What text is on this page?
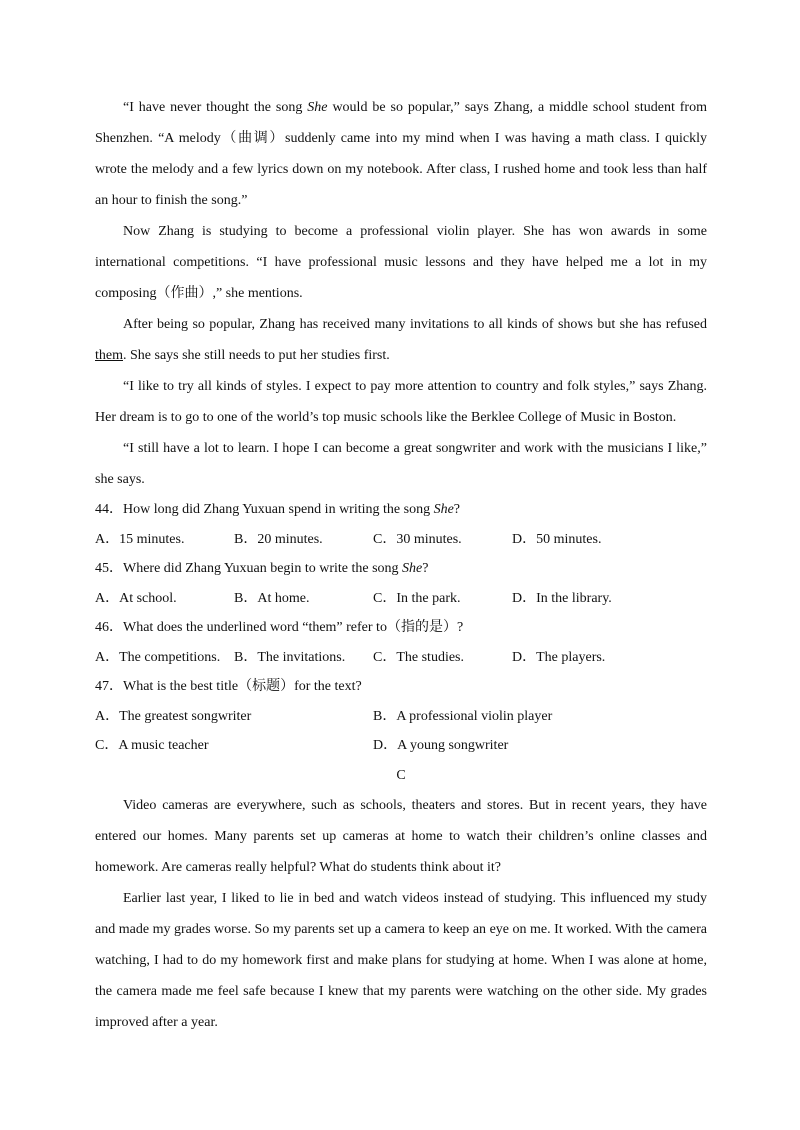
“I have never thought the song She would be so popular,” says Zhang, a middle school student from Shenzhen. “A melody（曲调）suddenly came into my mind when I was having a math class. I quickly wrote the melody and a few lyrics down on my notebook. After class, I rushed home and took less than half an hour to finish the song.”

Now Zhang is studying to become a professional violin player. She has won awards in some international competitions. “I have professional music lessons and they have helped me a lot in my composing（作曲）,” she mentions.

After being so popular, Zhang has received many invitations to all kinds of shows but she has refused them. She says she still needs to put her studies first.

“I like to try all kinds of styles. I expect to pay more attention to country and folk styles,” says Zhang. Her dream is to go to one of the world’s top music schools like the Berklee College of Music in Boston.

“I still have a lot to learn. I hope I can become a great songwriter and work with the musicians I like,” she says.

44．How long did Zhang Yuxuan spend in writing the song She?
A．15 minutes.	B．20 minutes.	C．30 minutes.	D．50 minutes.
45．Where did Zhang Yuxuan begin to write the song She?
A．At school.	B．At home.	C．In the park.	D．In the library.
46．What does the underlined word “them” refer to（指的是）?
A．The competitions. B．The invitations.	C．The studies.	D．The players.
47．What is the best title（标题）for the text?
A．The greatest songwriter	B．A professional violin player
C．A music teacher	D．A young songwriter
C

Video cameras are everywhere, such as schools, theaters and stores. But in recent years, they have entered our homes. Many parents set up cameras at home to watch their children’s online classes and homework. Are cameras really helpful? What do students think about it?

Earlier last year, I liked to lie in bed and watch videos instead of studying. This influenced my study and made my grades worse. So my parents set up a camera to keep an eye on me. It worked. With the camera watching, I had to do my homework first and make plans for studying at home. When I was alone at home, the camera made me feel safe because I knew that my parents were watching on the other side. My grades improved after a year.
